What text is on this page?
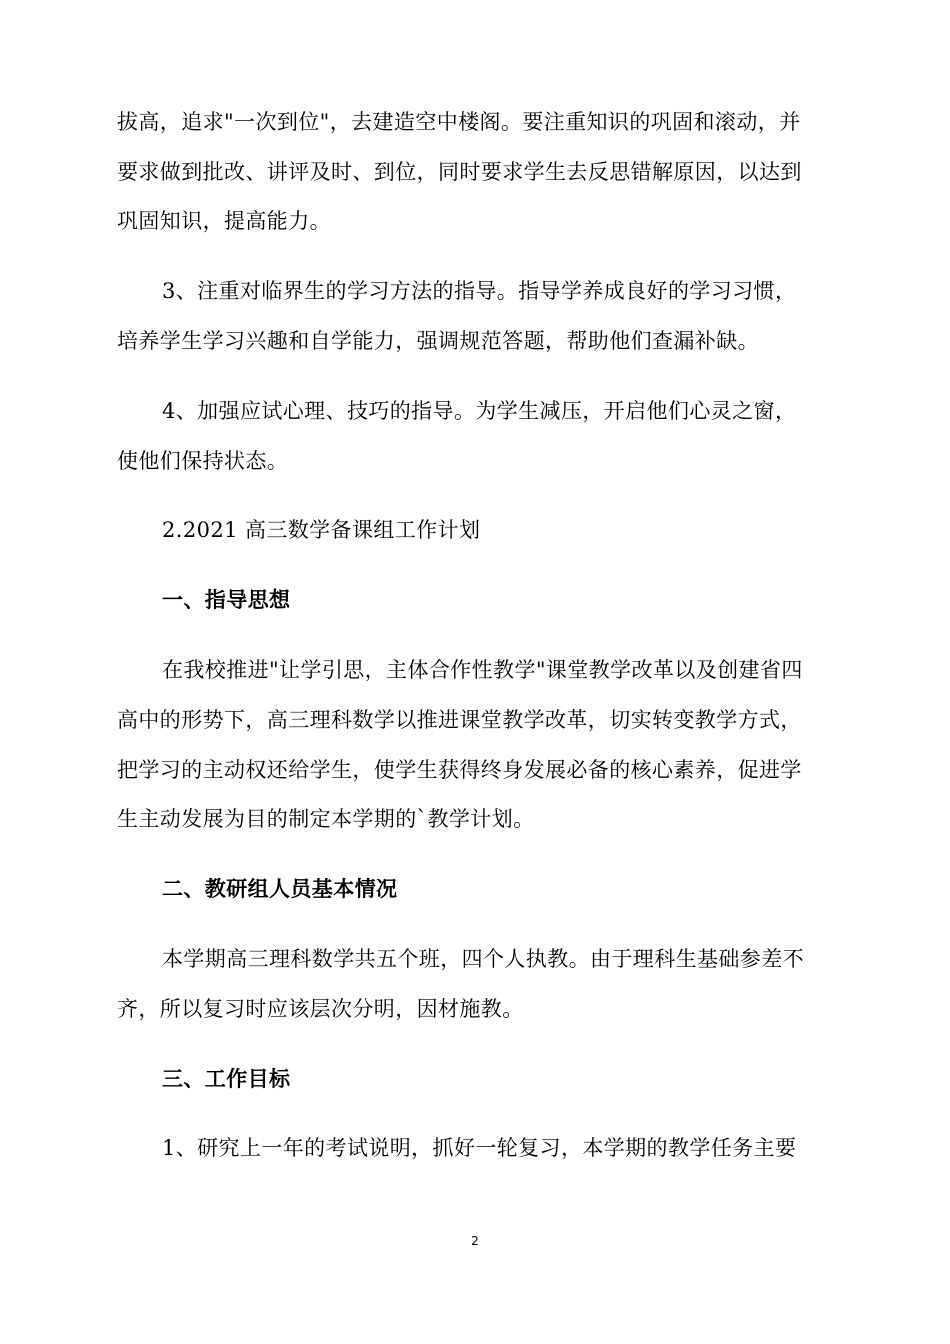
拔高，追求"一次到位"，去建造空中楼阁。要注重知识的巩固和滚动，并
要求做到批改、讲评及时、到位，同时要求学生去反思错解原因，以达到
巩固知识，提高能力。
3、注重对临界生的学习方法的指导。指导学养成良好的学习习惯，
培养学生学习兴趣和自学能力，强调规范答题，帮助他们查漏补缺。
4、加强应试心理、技巧的指导。为学生减压，开启他们心灵之窗，
使他们保持状态。
2.2021 高三数学备课组工作计划
一、指导思想
在我校推进"让学引思，主体合作性教学"课堂教学改革以及创建省四
高中的形势下，高三理科数学以推进课堂教学改革，切实转变教学方式，
把学习的主动权还给学生，使学生获得终身发展必备的核心素养，促进学
生主动发展为目的制定本学期的`教学计划。
二、教研组人员基本情况
本学期高三理科数学共五个班，四个人执教。由于理科生基础参差不
齐，所以复习时应该层次分明，因材施教。
三、工作目标
1、研究上一年的考试说明，抓好一轮复习，本学期的教学任务主要
2
